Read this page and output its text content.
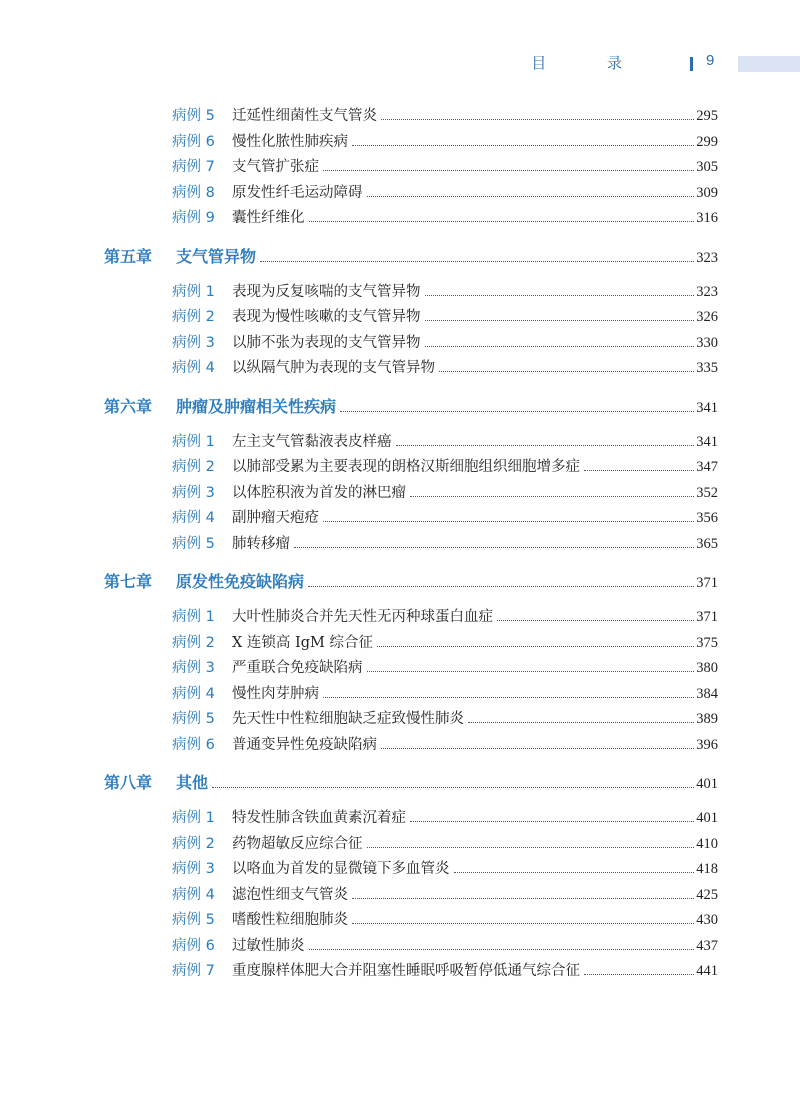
目 录	9
病例 5	迁延性细菌性支气管炎	295
病例 6	慢性化脓性肺疾病	299
病例 7	支气管扩张症	305
病例 8	原发性纤毛运动障碍	309
病例 9	囊性纤维化	316
第五章	支气管异物	323
病例 1	表现为反复咳喘的支气管异物	323
病例 2	表现为慢性咳嗽的支气管异物	326
病例 3	以肺不张为表现的支气管异物	330
病例 4	以纵隔气肿为表现的支气管异物	335
第六章	肿瘤及肿瘤相关性疾病	341
病例 1	左主支气管黏液表皮样癌	341
病例 2	以肺部受累为主要表现的朗格汉斯细胞组织细胞增多症	347
病例 3	以体腔积液为首发的淋巴瘤	352
病例 4	副肿瘤天疱疮	356
病例 5	肺转移瘤	365
第七章	原发性免疫缺陷病	371
病例 1	大叶性肺炎合并先天性无丙种球蛋白血症	371
病例 2	X 连锁高 IgM 综合征	375
病例 3	严重联合免疫缺陷病	380
病例 4	慢性肉芽肿病	384
病例 5	先天性中性粒细胞缺乏症致慢性肺炎	389
病例 6	普通变异性免疫缺陷病	396
第八章	其他	401
病例 1	特发性肺含铁血黄素沉着症	401
病例 2	药物超敏反应综合征	410
病例 3	以咯血为首发的显微镜下多血管炎	418
病例 4	滤泡性细支气管炎	425
病例 5	嗜酸性粒细胞肺炎	430
病例 6	过敏性肺炎	437
病例 7	重度腺样体肥大合并阻塞性睡眠呼吸暂停低通气综合征	441
